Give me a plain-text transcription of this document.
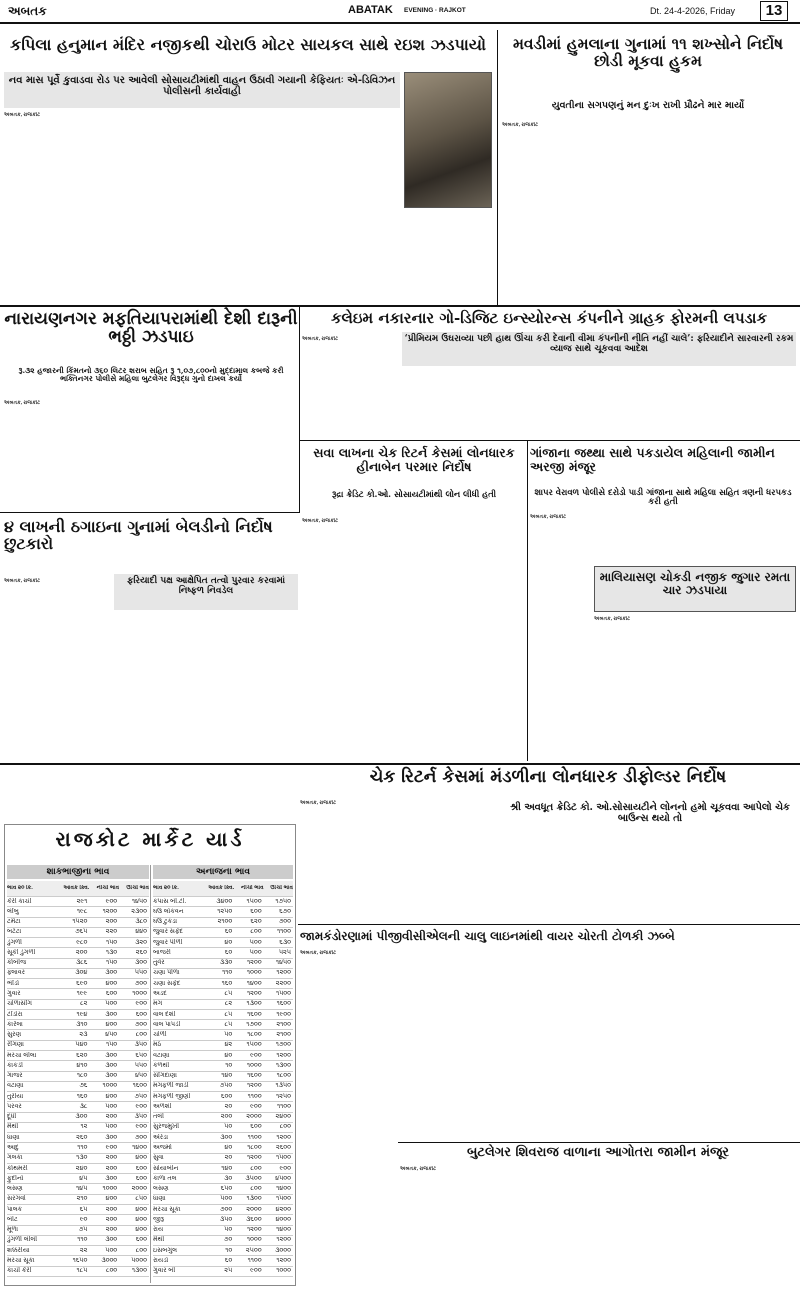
અબતક	ABATAK EVENING · RAJKOT	Dt. 24-4-2026, Friday	13
કપિલા હનુમાન મંદિર નજીકથી ચોરાઉ મોટર સાયકલ સાથે રઇશ ઝડપાયો
નવ માસ પૂર્વે કુવાડવા રોડ પર આવેલી સોસાયટીમાંથી વાહન ઉઠાવી ગયાની કેફિયતઃ એ-ડિવિઝન પોલીસની કાર્યવાહી
અબતક, રાજકોટ
મવડીમાં હુમલાના ગુનામાં ૧૧ શખ્સોને નિર્દોષ છોડી મૂકવા હુકમ
યુવતીના સગપણનું મન દુઃખ રાખી પ્રૌઢને માર માર્યો
અબતક, રાજકોટ
નારાયણનગર મફતિયાપરામાંથી દેશી દારૂની ભઠ્ઠી ઝડપાઇ
રૂ.૩૨ હજારની કિંમતનો ૩૬૦ લિટર શરાબ સહિત રૂ ૧,૦૭,૮૦૦નો મુદ્દામાલ કબજે કરી ભક્તિનગર પોલીસે મહિલા બુટલેગર વિરૂદ્ધ ગુનો દાખલ કર્યો
અબતક, રાજકોટ
કલેઇમ નકારનાર ગો-ડિજિટ ઇન્સ્યોરન્સ કંપનીને ગ્રાહક ફોરમની લપડાક
‘પ્રીમિયમ ઉઘરાવ્યા પછી હાથ ઊંચા કરી દેવાની વીમા કંપનીની નીતિ નહીં ચાલે’: ફરિયાદીને સારવારની રકમ વ્યાજ સાથે ચૂકવવા આદેશ
અબતક, રાજકોટ
સવા લાખના ચેક રિટર્ન કેસમાં લોનધારક હીનાબેન પરમાર નિર્દોષ
રૂદ્રા ક્રેડિટ કો.ઓ. સોસાયટીમાંથી લોન લીધી હતી
અબતક, રાજકોટ
ગાંજાના જથ્થા સાથે પકડાયેલ મહિલાની જામીન અરજી મંજૂર
શાપર વેરાવળ પોલીસે દરોડો પાડી ગાંજાના સાથે મહિલા સહિત ત્રણની ધરપકડ કરી હતી
અબતક, રાજકોટ
૪ લાખની ઠગાઇના ગુનામાં બેલડીનો નિર્દોષ છુટકારો
ફરિયાદી પક્ષ આક્ષેપિત તત્વો પુરવાર કરવામાં નિષ્ફળ નિવડેલ
અબતક, રાજકોટ	માલિયાસણ ચોકડી નજીક જુગાર રમતા ચાર ઝડપાયા
અબતક, રાજકોટ
ચેક રિટર્ન કેસમાં મંડળીના લોનધારક ડીફોલ્ડર નિર્દોષ
શ્રી અવધૂત ક્રેડિટ કો. ઓ.સોસાયટીને લોનનો હમો ચૂકવવા આપેલો ચેક બાઉન્સ થયો તો
અબતક, રાજકોટ
જામકંડોરણામાં પીજીવીસીએલની ચાલુ લાઇનમાંથી વાયર ચોરતી ટોળકી ઝબ્બે
અબતક, રાજકોટ
બુટલેગર શિવરાજ વાળાના આગોતરા જામીન મંજૂર
અબતક, રાજકોટ
રાજકોટ માર્કેટ યાર્ડ
શાકભાજીના ભાવ	અનાજના ભાવ
ભાવ ૨૦ કિ.	આવક ક્વિ.	નીચો ભાવ	ઊંચો ભાવ
કેરી કાચી	૨૯૧	૯૦૦	૧૪૫૦
લીંબુ	૧૯૮	૧૨૦૦	૨૩૦૦
ટમેટા	૧૫૨૦	૨૦૦	૩૮૦
બટેટા	૭૬૫	૨૨૦	૪૪૦
ડુંગળી	૯૮૦	૧૫૦	૩૨૦
સૂકી ડુંગળી	૨૦૦	૧૩૦	૨૬૦
કોબીજ	૩૮૬	૧૫૦	૩૦૦
ફ્લાવર	૩૦૪	૩૦૦	૫૫૦
ભીંડો	૬૯૦	૪૦૦	૭૦૦
ગુવાર	૧૯૯	૬૦૦	૧૦૦૦
ચોળાસીંગ	૮૨	૫૦૦	૯૦૦
ટીંડોરા	૧૯૪	૩૦૦	૬૦૦
કારેલા	૩૧૦	૪૦૦	૭૦૦
સુરણ	૨૩	૪૫૦	૮૦૦
રીંગણા	૫૪૦	૧૫૦	૩૫૦
મરચા લીલા	૬૨૦	૩૦૦	૬૫૦
કાકડી	૪૧૦	૩૦૦	૫૫૦
ગાજર	૧૮૦	૩૦૦	૪૫૦
વટાણા	૭૬	૧૦૦૦	૧૬૦૦
તુરીયા	૧૬૦	૪૦૦	૭૫૦
પરવર	૩૮	૫૦૦	૯૦૦
દૂધી	૩૦૦	૨૦૦	૩૫૦
મેથી	૧૨	૫૦૦	૯૦૦
ધાણા	૨૬૦	૩૦૦	૭૦૦
આદુ	૧૧૦	૯૦૦	૧૪૦૦
ગલકા	૧૩૦	૨૦૦	૪૦૦
કોથમરી	૨૪૦	૨૦૦	૬૦૦
ફુદીનો	૪૫	૩૦૦	૬૦૦
લસણ	૧૪૫	૧૦૦૦	૨૦૦૦
સરગવો	૨૧૦	૪૦૦	૮૫૦
પાલક	૬૫	૨૦૦	૪૦૦
બીટ	૯૦	૨૦૦	૪૦૦
મૂળા	૭૫	૨૦૦	૪૦૦
ડુંગળી લીલી	૧૧૦	૩૦૦	૬૦૦
શક્કરીયા	૨૨	૫૦૦	૮૦૦
મરચા સૂકા	૧૬૫૦	૩૦૦૦	૫૦૦૦
કાચી કેરી	૧૮૫	૮૦૦	૧૩૦૦
ભાવ ૨૦ કિ.	આવક ક્વિ.	નીચો ભાવ	ઊંચો ભાવ
કપાસ બી.ટી.	૩૪૦૦	૧૫૦૦	૧૭૫૦
ઘઉં લોકવન	૧૨૫૦	૬૦૦	૬૭૦
ઘઉં ટુકડા	૨૧૦૦	૬૨૦	૭૦૦
જુવાર સફેદ	૬૦	૮૦૦	૧૧૦૦
જુવાર પીળી	૪૦	૫૦૦	૬૩૦
બાજરી	૬૦	૫૦૦	૫૨૫
તુવેર	૩૩૦	૧૨૦૦	૧૪૫૦
ચણા પીળા	૧૧૦	૧૦૦૦	૧૨૦૦
ચણા સફેદ	૧૬૦	૧૪૦૦	૨૨૦૦
અડદ	૮૫	૧૨૦૦	૧૫૦૦
મગ	૮૨	૧૩૦૦	૧૬૦૦
વાલ દેશી	૮૫	૧૬૦૦	૧૯૦૦
વાલ પાપડી	૮૫	૧૭૦૦	૨૧૦૦
ચોળી	૫૦	૧૮૦૦	૨૧૦૦
મઠ	૪૨	૧૫૦૦	૧૭૦૦
વટાણા	૪૦	૯૦૦	૧૨૦૦
કળથી	૧૦	૧૦૦૦	૧૩૦૦
સીંગદાણા	૧૪૦	૧૬૦૦	૧૮૦૦
મગફળી જાડી	૭૫૦	૧૨૦૦	૧૩૫૦
મગફળી જીણી	૬૦૦	૧૧૦૦	૧૨૫૦
અળશી	૨૦	૯૦૦	૧૧૦૦
તલી	૨૦૦	૨૦૦૦	૨૪૦૦
સુરજમુખી	૫૦	૬૦૦	૮૦૦
એરંડા	૩૦૦	૧૧૦૦	૧૨૦૦
અજમો	૪૦	૧૮૦૦	૨૬૦૦
સુવા	૨૦	૧૨૦૦	૧૫૦૦
સોયાબીન	૧૪૦	૮૦૦	૯૦૦
કાળા તલ	૩૦	૩૫૦૦	૪૫૦૦
લસણ	૬૫૦	૮૦૦	૧૪૦૦
ધાણા	૫૦૦	૧૩૦૦	૧૫૦૦
મરચા સૂકા	૭૦૦	૨૦૦૦	૪૨૦૦
જીરૂ	૩૫૦	૩૬૦૦	૪૦૦૦
રાય	૫૦	૧૨૦૦	૧૪૦૦
મેથી	૭૦	૧૦૦૦	૧૨૦૦
ઇસબગુલ	૧૦	૨૫૦૦	૩૦૦૦
રાયડો	૬૦	૧૧૦૦	૧૨૦૦
ગુવાર બી	૨૫	૯૦૦	૧૦૦૦
